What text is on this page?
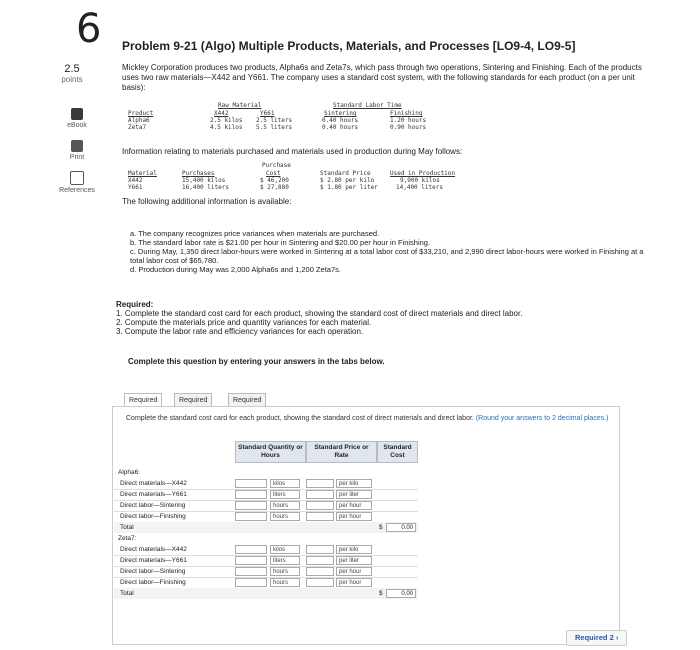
6 Problem 9-21 (Algo) Multiple Products, Materials, and Processes [LO9-4, LO9-5]
2.5
points
eBook
Print
References
Mickley Corporation produces two products, Alpha6s and Zeta7s, which pass through two operations, Sintering and Finishing. Each of the products uses two raw materials—X442 and Y661. The company uses a standard cost system, with the following standards for each product (on a per unit basis):
Raw Material	Standard Labor Time
Product	X442	Y661	Sintering	Finishing
Alpha6	2.5 kilos 2.5 liters	0.40 hours	1.20 hours
Zeta7	4.5 kilos 5.5 liters	0.40 hours	0.90 hours
Information relating to materials purchased and materials used in production during May follows:
Purchase
Material	Purchases	Cost	Standard Price	Used in Production
X442	15,400 kilos	$ 46,200	$ 2.80 per kilo	9,900 kilos
Y661	16,400 liters	$ 27,880	$ 1.80 per liter	14,400 liters
The following additional information is available:
a. The company recognizes price variances when materials are purchased.
b. The standard labor rate is $21.00 per hour in Sintering and $20.00 per hour in Finishing.
c. During May, 1,350 direct labor-hours were worked in Sintering at a total labor cost of $33,210, and 2,990 direct labor-hours were worked in Finishing at a total labor cost of $65,780.
d. Production during May was 2,000 Alpha6s and 1,200 Zeta7s.
Required:
1. Complete the standard cost card for each product, showing the standard cost of direct materials and direct labor.
2. Compute the materials price and quantity variances for each material.
3. Compute the labor rate and efficiency variances for each operation.
Complete this question by entering your answers in the tabs below.
Required	Required	Required
Complete the standard cost card for each product, showing the standard cost of direct materials and direct labor. (Round your answers to 2 decimal places.)
Standard Quantity or Hours
Standard Price or Rate
Standard Cost
Alpha6:
Direct materials—X442	kilos	per kilo
Direct materials—Y661	liters	per liter
Direct labor—Sintering	hours	per hour
Direct labor—Finishing	hours	per hour
Total	$	0.00
Zeta7:
Direct materials—X442	kilos	per kilo
Direct materials—Y661	liters	per liter
Direct labor—Sintering	hours	per hour
Direct labor—Finishing	hours	per hour
Total	$	0.00
Required 2 ›
